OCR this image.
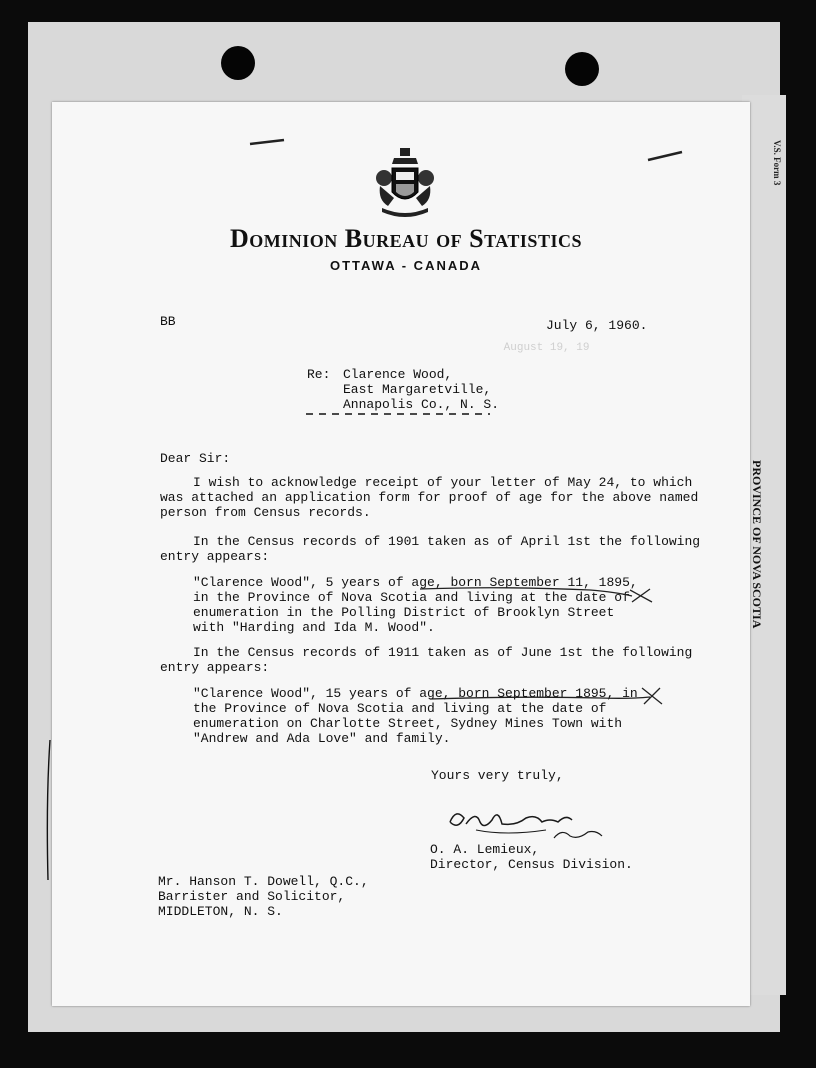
V.S. Form 3
August 19, 19
Dominion Bureau of Statistics
OTTAWA - CANADA
PROVINCE OF NOVA SCOTIA
BB	July 6, 1960.
Re: Clarence Wood,
East Margaretville,
Annapolis Co., N. S.
Dear Sir:
I wish to acknowledge receipt of your letter of May 24, to which
was attached an application form for proof of age for the above named
person from Census records.
In the Census records of 1901 taken as of April 1st the following
entry appears:
"Clarence Wood", 5 years of age, born September 11, 1895,
in the Province of Nova Scotia and living at the date of
enumeration in the Polling District of Brooklyn Street
with "Harding and Ida M. Wood".
In the Census records of 1911 taken as of June 1st the following
entry appears:
"Clarence Wood", 15 years of age, born September 1895, in
the Province of Nova Scotia and living at the date of
enumeration on Charlotte Street, Sydney Mines Town with
"Andrew and Ada Love" and family.
Yours very truly,
O. A. Lemieux,
Director, Census Division.
Mr. Hanson T. Dowell, Q.C.,
Barrister and Solicitor,
MIDDLETON, N. S.
